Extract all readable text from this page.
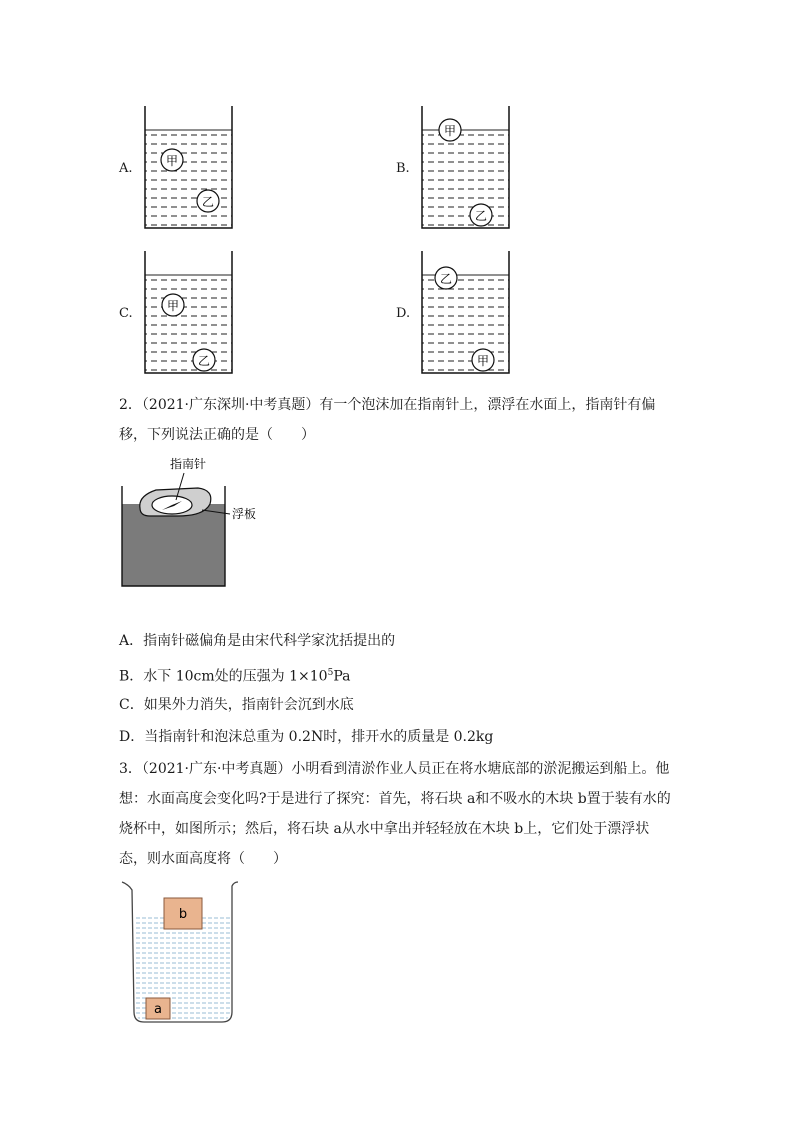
A.	甲
乙
B.
甲
乙
C.	甲
乙
D.
乙
甲
2．（2021·广东深圳·中考真题）有一个泡沫加在指南针上，漂浮在水面上，指南针有偏
移，下列说法正确的是（　　）
指南针
浮板
A．指南针磁偏角是由宋代科学家沈括提出的
B．水下 10cm处的压强为 $1\times 10^5Pa$
C．如果外力消失，指南针会沉到水底
D．当指南针和泡沫总重为 0.2N时，排开水的质量是 0.2kg
3．（2021·广东·中考真题）小明看到清淤作业人员正在将水塘底部的淤泥搬运到船上。他
想：水面高度会变化吗?于是进行了探究：首先，将石块 a和不吸水的木块 b置于装有水的
烧杯中，如图所示；然后，将石块 a从水中拿出并轻轻放在木块 b上，它们处于漂浮状
态，则水面高度将（　　）
b
a
